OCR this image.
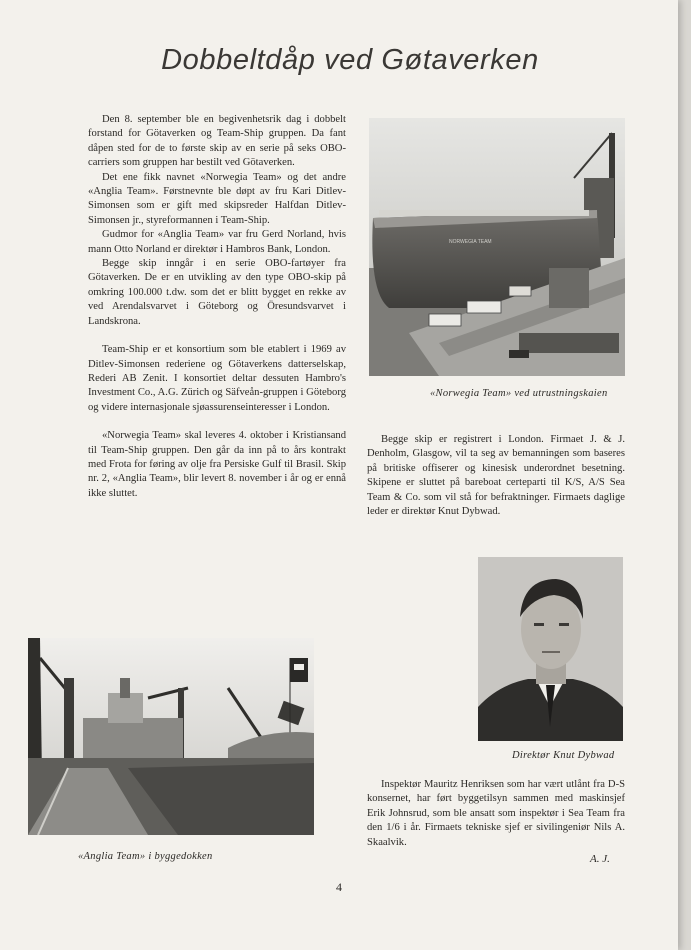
Dobbeltdåp ved Gøtaverken

Den 8. september ble en begivenhetsrik dag i dobbelt forstand for Götaverken og Team-Ship gruppen. Da fant dåpen sted for de to første skip av en serie på seks OBO-carriers som gruppen har bestilt ved Götaverken.

Det ene fikk navnet «Norwegia Team» og det andre «Anglia Team». Førstnevnte ble døpt av fru Kari Ditlev-Simonsen som er gift med skipsreder Halfdan Ditlev-Simonsen jr., styreformannen i Team-Ship.

Gudmor for «Anglia Team» var fru Gerd Norland, hvis mann Otto Norland er direktør i Hambros Bank, London.

Begge skip inngår i en serie OBO-fartøyer fra Götaverken. De er en utvikling av den type OBO-skip på omkring 100.000 t.dw. som det er blitt bygget en rekke av ved Arendalsvarvet i Göteborg og Öresundsvarvet i Landskrona.

Team-Ship er et konsortium som ble etablert i 1969 av Ditlev-Simonsen rederiene og Götaverkens datterselskap, Rederi AB Zenit. I konsortiet deltar dessuten Hambro's Investment Co., A.G. Zürich og Säfveån-gruppen i Göteborg og videre internasjonale sjøassurenseinteresser i London.

«Norwegia Team» skal leveres 4. oktober i Kristiansand til Team-Ship gruppen. Den går da inn på to års kontrakt med Frota for føring av olje fra Persiske Gulf til Brasil. Skip nr. 2, «Anglia Team», blir levert 8. november i år og er ennå ikke sluttet.

NORWEGIA TEAM
«Norwegia Team» ved utrustningskaien

Begge skip er registrert i London. Firmaet J. & J. Denholm, Glasgow, vil ta seg av bemanningen som baseres på britiske offiserer og kinesisk underordnet besetning. Skipene er sluttet på bareboat certeparti til K/S, A/S Sea Team & Co. som vil stå for befraktninger. Firmaets daglige leder er direktør Knut Dybwad.

Direktør Knut Dybwad

Inspektør Mauritz Henriksen som har vært utlånt fra D-S konsernet, har ført byggetilsyn sammen med maskinsjef Erik Johnsrud, som ble ansatt som inspektør i Sea Team fra den 1/6 i år. Firmaets tekniske sjef er sivilingeniør Nils A. Skaalvik.

A. J.
«Anglia Team» i byggedokken
4
